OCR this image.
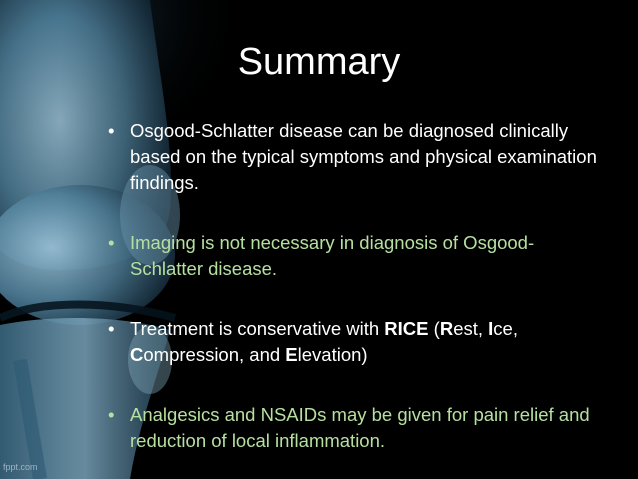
Summary
• Osgood-Schlatter disease can be diagnosed clinically based on the typical symptoms and physical examination findings.
• Imaging is not necessary in diagnosis of Osgood-Schlatter disease.
• Treatment is conservative with RICE (Rest, Ice, Compression, and Elevation)
• Analgesics and NSAIDs may be given for pain relief and reduction of local inflammation.
fppt.com
